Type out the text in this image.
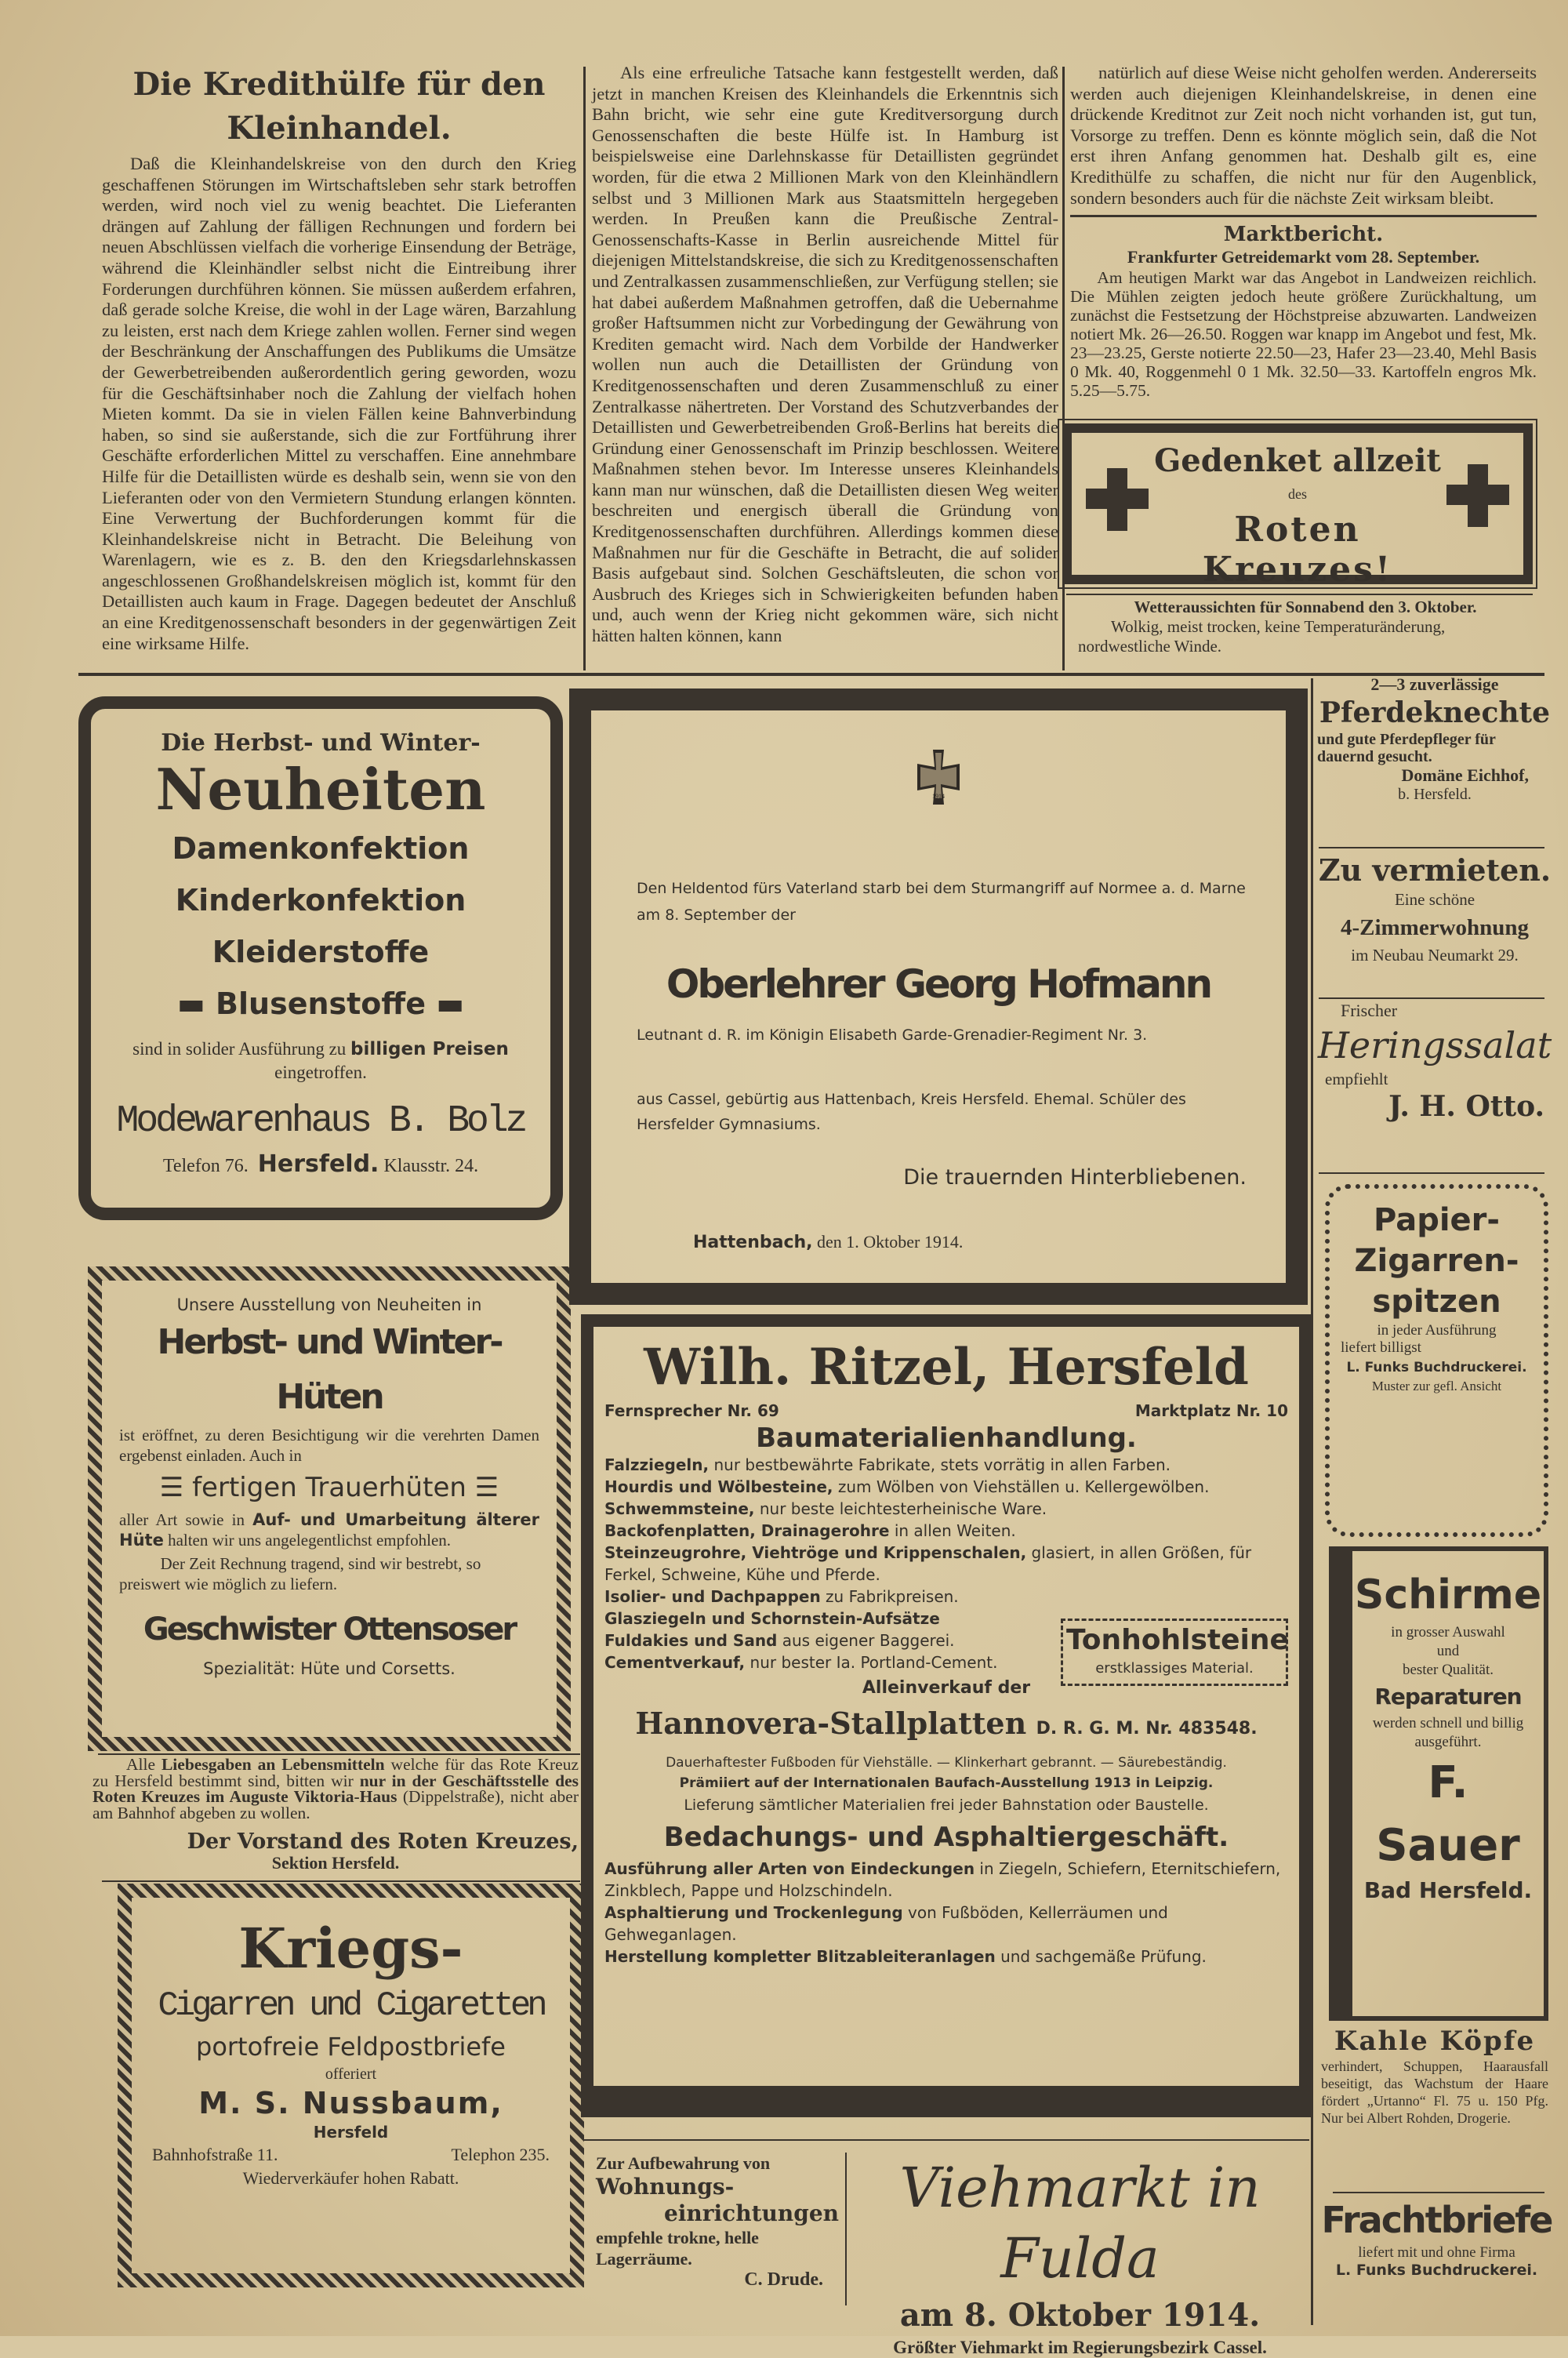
Die Kredithülfe für den Kleinhandel.

Daß die Kleinhandelskreise von den durch den Krieg geschaffenen Störungen im Wirtschaftsleben sehr stark betroffen werden, wird noch viel zu wenig beachtet. Die Lieferanten drängen auf Zahlung der fälligen Rechnungen und fordern bei neuen Abschlüssen vielfach die vorherige Einsendung der Beträge, während die Kleinhändler selbst nicht die Eintreibung ihrer Forderungen durchführen können. Sie müssen außerdem erfahren, daß gerade solche Kreise, die wohl in der Lage wären, Barzahlung zu leisten, erst nach dem Kriege zahlen wollen. Ferner sind wegen der Beschränkung der Anschaffungen des Publikums die Umsätze der Gewerbetreibenden außerordentlich gering geworden, wozu für die Geschäftsinhaber noch die Zahlung der vielfach hohen Mieten kommt. Da sie in vielen Fällen keine Bahnverbindung haben, so sind sie außerstande, sich die zur Fortführung ihrer Geschäfte erforderlichen Mittel zu verschaffen. Eine annehmbare Hilfe für die Detaillisten würde es deshalb sein, wenn sie von den Lieferanten oder von den Vermietern Stundung erlangen könnten. Eine Verwertung der Buchforderungen kommt für die Kleinhandelskreise nicht in Betracht. Die Beleihung von Warenlagern, wie es z. B. den den Kriegsdarlehnskassen angeschlossenen Großhandelskreisen möglich ist, kommt für den Detaillisten auch kaum in Frage. Dagegen bedeutet der Anschluß an eine Kreditgenossenschaft besonders in der gegenwärtigen Zeit eine wirksame Hilfe.

Als eine erfreuliche Tatsache kann festgestellt werden, daß jetzt in manchen Kreisen des Kleinhandels die Erkenntnis sich Bahn bricht, wie sehr eine gute Kreditversorgung durch Genossenschaften die beste Hülfe ist. In Hamburg ist beispielsweise eine Darlehnskasse für Detaillisten gegründet worden, für die etwa 2 Millionen Mark von den Kleinhändlern selbst und 3 Millionen Mark aus Staatsmitteln hergegeben werden. In Preußen kann die Preußische Zentral-Genossenschafts-Kasse in Berlin ausreichende Mittel für diejenigen Mittelstandskreise, die sich zu Kreditgenossenschaften und Zentralkassen zusammenschließen, zur Verfügung stellen; sie hat dabei außerdem Maßnahmen getroffen, daß die Uebernahme großer Haftsummen nicht zur Vorbedingung der Gewährung von Krediten gemacht wird. Nach dem Vorbilde der Handwerker wollen nun auch die Detaillisten der Gründung von Kreditgenossenschaften und deren Zusammenschluß zu einer Zentralkasse nähertreten. Der Vorstand des Schutzverbandes der Detaillisten und Gewerbetreibenden Groß-Berlins hat bereits die Gründung einer Genossenschaft im Prinzip beschlossen. Weitere Maßnahmen stehen bevor. Im Interesse unseres Kleinhandels kann man nur wünschen, daß die Detaillisten diesen Weg weiter beschreiten und energisch überall die Gründung von Kreditgenossenschaften durchführen. Allerdings kommen diese Maßnahmen nur für die Geschäfte in Betracht, die auf solider Basis aufgebaut sind. Solchen Geschäftsleuten, die schon vor Ausbruch des Krieges sich in Schwierigkeiten befunden haben und, auch wenn der Krieg nicht gekommen wäre, sich nicht hätten halten können, kann

natürlich auf diese Weise nicht geholfen werden. Andererseits werden auch diejenigen Kleinhandelskreise, in denen eine drückende Kreditnot zur Zeit noch nicht vorhanden ist, gut tun, Vorsorge zu treffen. Denn es könnte möglich sein, daß die Not erst ihren Anfang genommen hat. Deshalb gilt es, eine Kredithülfe zu schaffen, die nicht nur für den Augenblick, sondern besonders auch für die nächste Zeit wirksam bleibt.

Marktbericht.
Frankfurter Getreidemarkt vom 28. September.

Am heutigen Markt war das Angebot in Landweizen reichlich. Die Mühlen zeigten jedoch heute größere Zurückhaltung, um zunächst die Festsetzung der Höchstpreise abzuwarten. Landweizen notiert Mk. 26—26.50. Roggen war knapp im Angebot und fest, Mk. 23—23.25, Gerste notierte 22.50—23, Hafer 23—23.40, Mehl Basis 0 Mk. 40, Roggenmehl 0 1 Mk. 32.50—33. Kartoffeln engros Mk. 5.25—5.75.

Gedenket allzeit
des
Roten Kreuzes!
Wetteraussichten für Sonnabend den 3. Oktober.
Wolkig, meist trocken, keine Temperaturänderung, nordwestliche Winde.
Die Herbst- und Winter-
Neuheiten
Damenkonfektion
Kinderkonfektion
Kleiderstoffe
▬ Blusenstoffe ▬
sind in solider Ausführung zu billigen Preisen eingetroffen.
Modewarenhaus B. Bolz
Telefon 76. Hersfeld. Klausstr. 24.
Unsere Ausstellung von Neuheiten in
Herbst- und Winter-Hüten
ist eröffnet, zu deren Besichtigung wir die verehrten Damen ergebenst einladen. Auch in
☰ fertigen Trauerhüten ☰
aller Art sowie in Auf- und Umarbeitung älterer Hüte halten wir uns angelegentlichst empfohlen.
Der Zeit Rechnung tragend, sind wir bestrebt, so preiswert wie möglich zu liefern.
Geschwister Ottensoser
Spezialität: Hüte und Corsetts.

Alle Liebesgaben an Lebensmitteln welche für das Rote Kreuz zu Hersfeld bestimmt sind, bitten wir nur in der Geschäftsstelle des Roten Kreuzes im Auguste Viktoria-Haus (Dippelstraße), nicht aber am Bahnhof abgeben zu wollen.

Der Vorstand des Roten Kreuzes,
Sektion Hersfeld.
Kriegs-
Cigarren und Cigaretten
portofreie Feldpostbriefe
offeriert
M. S. Nussbaum,
Hersfeld
Bahnhofstraße 11.	Telephon 235.
Wiederverkäufer hohen Rabatt.
1914
Den Heldentod fürs Vaterland starb bei dem Sturmangriff auf Normee a. d. Marne am 8. September der
Oberlehrer Georg Hofmann
Leutnant d. R. im Königin Elisabeth Garde-Grenadier-Regiment Nr. 3.
aus Cassel, gebürtig aus Hattenbach, Kreis Hersfeld. Ehemal. Schüler des Hersfelder Gymnasiums.
Die trauernden Hinterbliebenen.
Hattenbach, den 1. Oktober 1914.
Wilh. Ritzel, Hersfeld
Fernsprecher Nr. 69	Marktplatz Nr. 10
Baumaterialienhandlung.
Falzziegeln, nur bestbewährte Fabrikate, stets vorrätig in allen Farben.
Hourdis und Wölbesteine, zum Wölben von Viehställen u. Kellergewölben.
Schwemmsteine, nur beste leichtesterheinische Ware.
Backofenplatten, Drainagerohre in allen Weiten.
Steinzeugrohre, Viehtröge und Krippenschalen, glasiert, in allen Größen, für Ferkel, Schweine, Kühe und Pferde.
Isolier- und Dachpappen zu Fabrikpreisen.
Glasziegeln und Schornstein-Aufsätze
Fuldakies und Sand aus eigener Baggerei.
Cementverkauf, nur bester Ia. Portland-Cement.
Tonhohlsteine
erstklassiges Material.
Alleinverkauf der
Hannovera-Stallplatten D. R. G. M. Nr. 483548.
Dauerhaftester Fußboden für Viehställe. — Klinkerhart gebrannt. — Säurebeständig.
Prämiiert auf der Internationalen Baufach-Ausstellung 1913 in Leipzig.
Lieferung sämtlicher Materialien frei jeder Bahnstation oder Baustelle.
Bedachungs- und Asphaltiergeschäft.
Ausführung aller Arten von Eindeckungen in Ziegeln, Schiefern, Eternitschiefern, Zinkblech, Pappe und Holzschindeln.
Asphaltierung und Trockenlegung von Fußböden, Kellerräumen und Gehweganlagen.
Herstellung kompletter Blitzableiteranlagen und sachgemäße Prüfung.
Zur Aufbewahrung von
Wohnungs-
einrichtungen
empfehle trokne, helle Lagerräume.
C. Drude.
Viehmarkt in Fulda
am 8. Oktober 1914.
Größter Viehmarkt im Regierungsbezirk Cassel.
2—3 zuverlässige
Pferdeknechte
und gute Pferdepfleger für dauernd gesucht.
Domäne Eichhof,
b. Hersfeld.
Zu vermieten.
Eine schöne
4-Zimmerwohnung
im Neubau Neumarkt 29.
Frischer
Heringssalat
empfiehlt
J. H. Otto.
Papier-
Zigarren-
spitzen
in jeder Ausführung
liefert billigst
L. Funks Buchdruckerei.
Muster zur gefl. Ansicht
Schirme
in grosser Auswahl
und
bester Qualität.
Reparaturen
werden schnell und billig ausgeführt.
F. Sauer
Bad Hersfeld.
Kahle Köpfe
verhindert, Schuppen, Haarausfall beseitigt, das Wachstum der Haare fördert „Urtanno“ Fl. 75 u. 150 Pfg. Nur bei Albert Rohden, Drogerie.
Frachtbriefe
liefert mit und ohne Firma
L. Funks Buchdruckerei.
